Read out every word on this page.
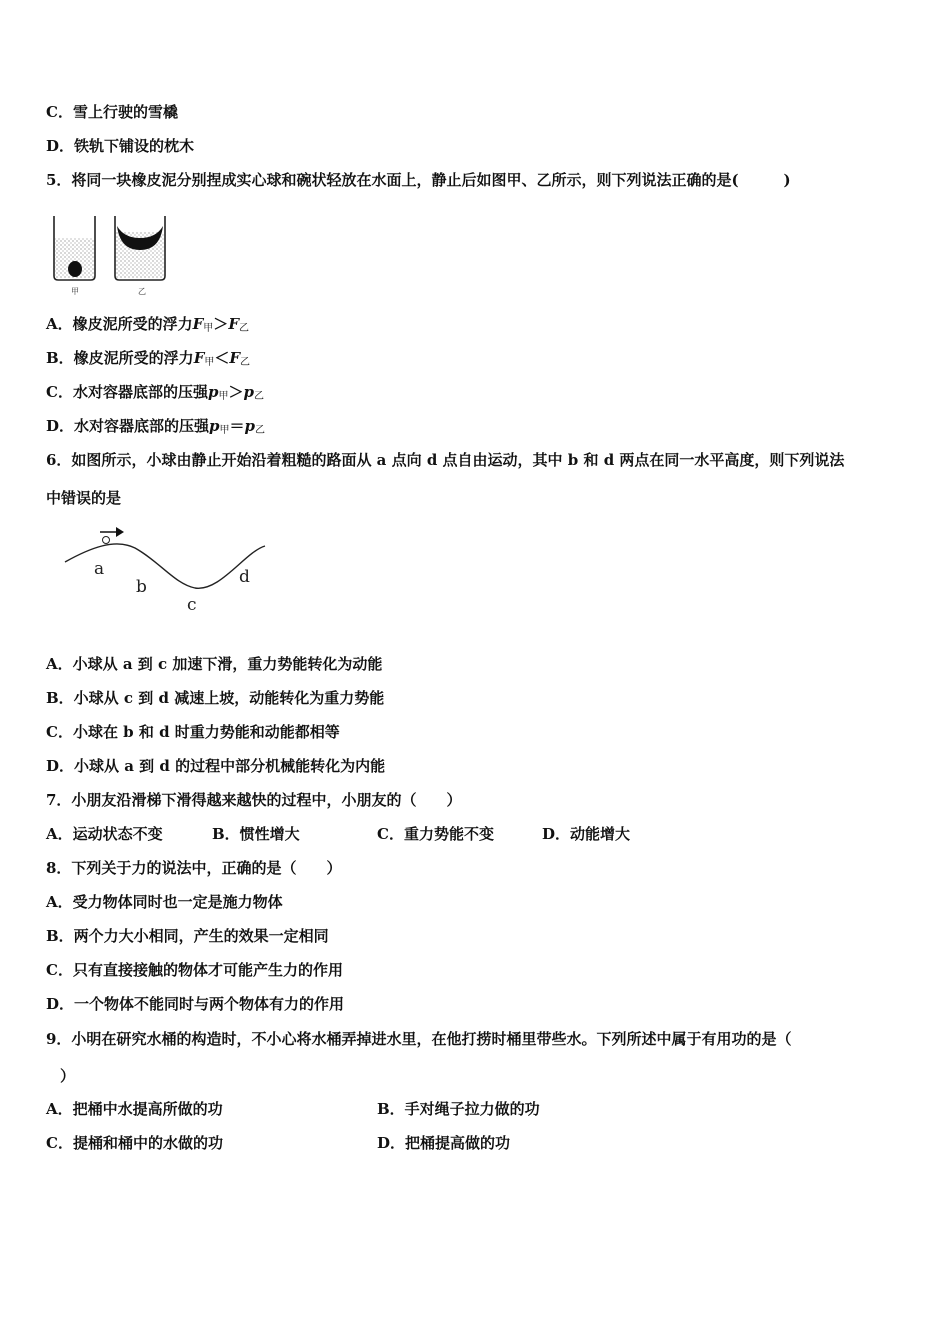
C．雪上行驶的雪橇
D．铁轨下铺设的枕木
5．将同一块橡皮泥分别捏成实心球和碗状轻放在水面上，静止后如图甲、乙所示，则下列说法正确的是(　　　)
甲	乙
A．橡皮泥所受的浮力$F_甲>F_乙$
B．橡皮泥所受的浮力$F_甲<F_乙$
C．水对容器底部的压强$p_甲>p_乙$
D．水对容器底部的压强$p_甲=p_乙$
6．如图所示，小球由静止开始沿着粗糙的路面从 a 点向 d 点自由运动，其中 b 和 d 两点在同一水平高度，则下列说法
中错误的是
a
b
c
d
A．小球从 a 到 c 加速下滑，重力势能转化为动能
B．小球从 c 到 d 减速上坡，动能转化为重力势能
C．小球在 b 和 d 时重力势能和动能都相等
D．小球从 a 到 d 的过程中部分机械能转化为内能
7．小朋友沿滑梯下滑得越来越快的过程中，小朋友的（　　）
A．运动状态不变	B．惯性增大	C．重力势能不变	D．动能增大
8．下列关于力的说法中，正确的是（　　）
A．受力物体同时也一定是施力物体
B．两个力大小相同，产生的效果一定相同
C．只有直接接触的物体才可能产生力的作用
D．一个物体不能同时与两个物体有力的作用
9．小明在研究水桶的构造时，不小心将水桶弄掉进水里，在他打捞时桶里带些水。下列所述中属于有用功的是（
）
A．把桶中水提高所做的功	B．手对绳子拉力做的功
C．提桶和桶中的水做的功	D．把桶提高做的功
